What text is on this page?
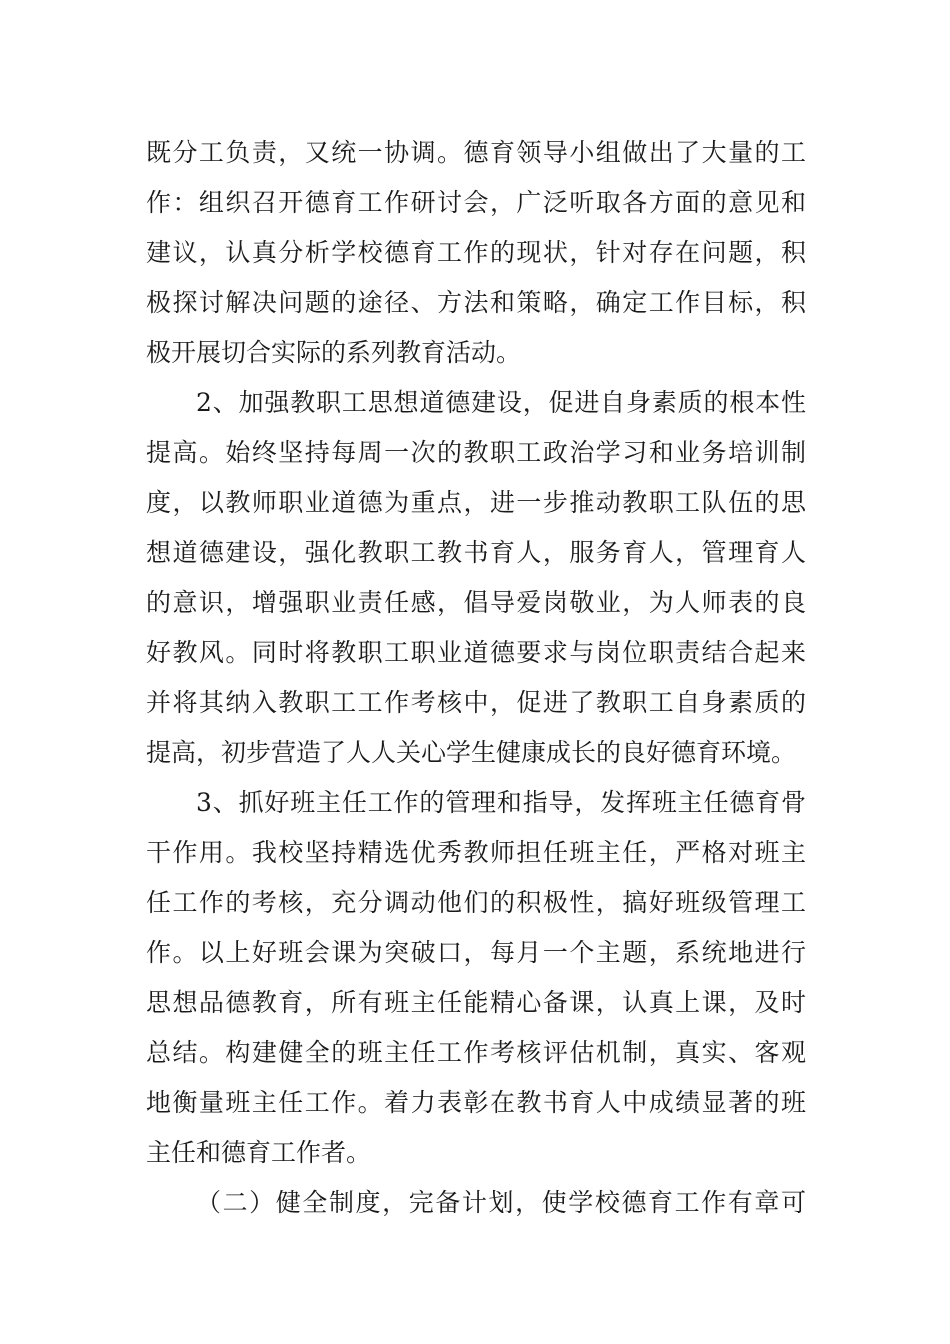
既分工负责，又统一协调。德育领导小组做出了大量的工
作：组织召开德育工作研讨会，广泛听取各方面的意见和
建议，认真分析学校德育工作的现状，针对存在问题，积
极探讨解决问题的途径、方法和策略，确定工作目标，积
极开展切合实际的系列教育活动。
2、加强教职工思想道德建设，促进自身素质的根本性
提高。始终坚持每周一次的教职工政治学习和业务培训制
度，以教师职业道德为重点，进一步推动教职工队伍的思
想道德建设，强化教职工教书育人，服务育人，管理育人
的意识，增强职业责任感，倡导爱岗敬业，为人师表的良
好教风。同时将教职工职业道德要求与岗位职责结合起来
并将其纳入教职工工作考核中，促进了教职工自身素质的
提高，初步营造了人人关心学生健康成长的良好德育环境。
3、抓好班主任工作的管理和指导，发挥班主任德育骨
干作用。我校坚持精选优秀教师担任班主任，严格对班主
任工作的考核，充分调动他们的积极性，搞好班级管理工
作。以上好班会课为突破口，每月一个主题，系统地进行
思想品德教育，所有班主任能精心备课，认真上课，及时
总结。构建健全的班主任工作考核评估机制，真实、客观
地衡量班主任工作。着力表彰在教书育人中成绩显著的班
主任和德育工作者。
（二）健全制度，完备计划，使学校德育工作有章可
